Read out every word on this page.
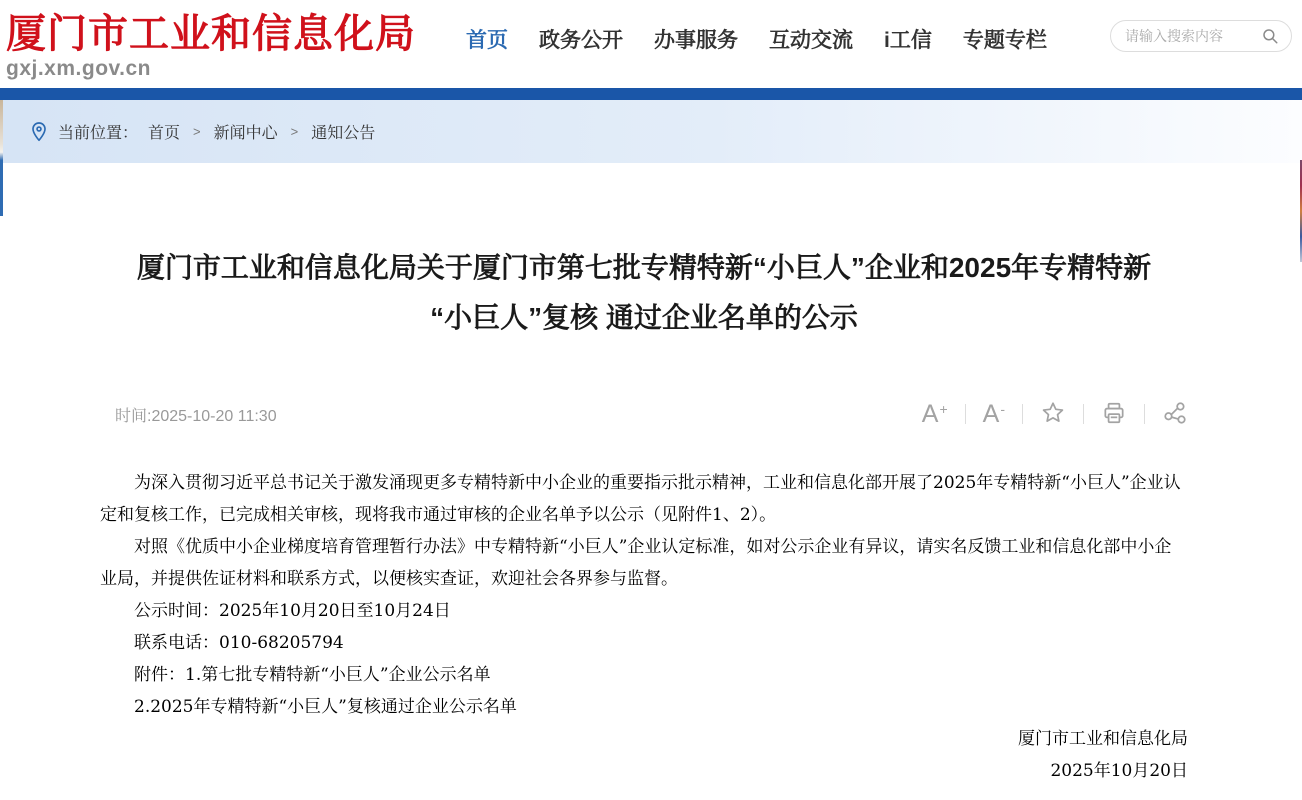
厦门市工业和信息化局
gxj.xm.gov.cn
首页 政务公开 办事服务 互动交流 i工信 专题专栏
请输入搜索内容
当前位置： 首页 > 新闻中心 > 通知公告
厦门市工业和信息化局关于厦门市第七批专精特新“小巨人”企业和2025年专精特新
“小巨人”复核 通过企业名单的公示
时间:2025-10-20 11:30	A + A -

为深入贯彻习近平总书记关于激发涌现更多专精特新中小企业的重要指示批示精神，工业和信息化部开展了2025年专精特新“小巨人”企业认定和复核工作，已完成相关审核，现将我市通过审核的企业名单予以公示（见附件1、2）。

对照《优质中小企业梯度培育管理暂行办法》中专精特新“小巨人”企业认定标准，如对公示企业有异议，请实名反馈工业和信息化部中小企业局，并提供佐证材料和联系方式，以便核实查证，欢迎社会各界参与监督。

公示时间：2025年10月20日至10月24日

联系电话：010-68205794

附件：1.第七批专精特新“小巨人”企业公示名单

2.2025年专精特新“小巨人”复核通过企业公示名单

厦门市工业和信息化局
2025年10月20日
